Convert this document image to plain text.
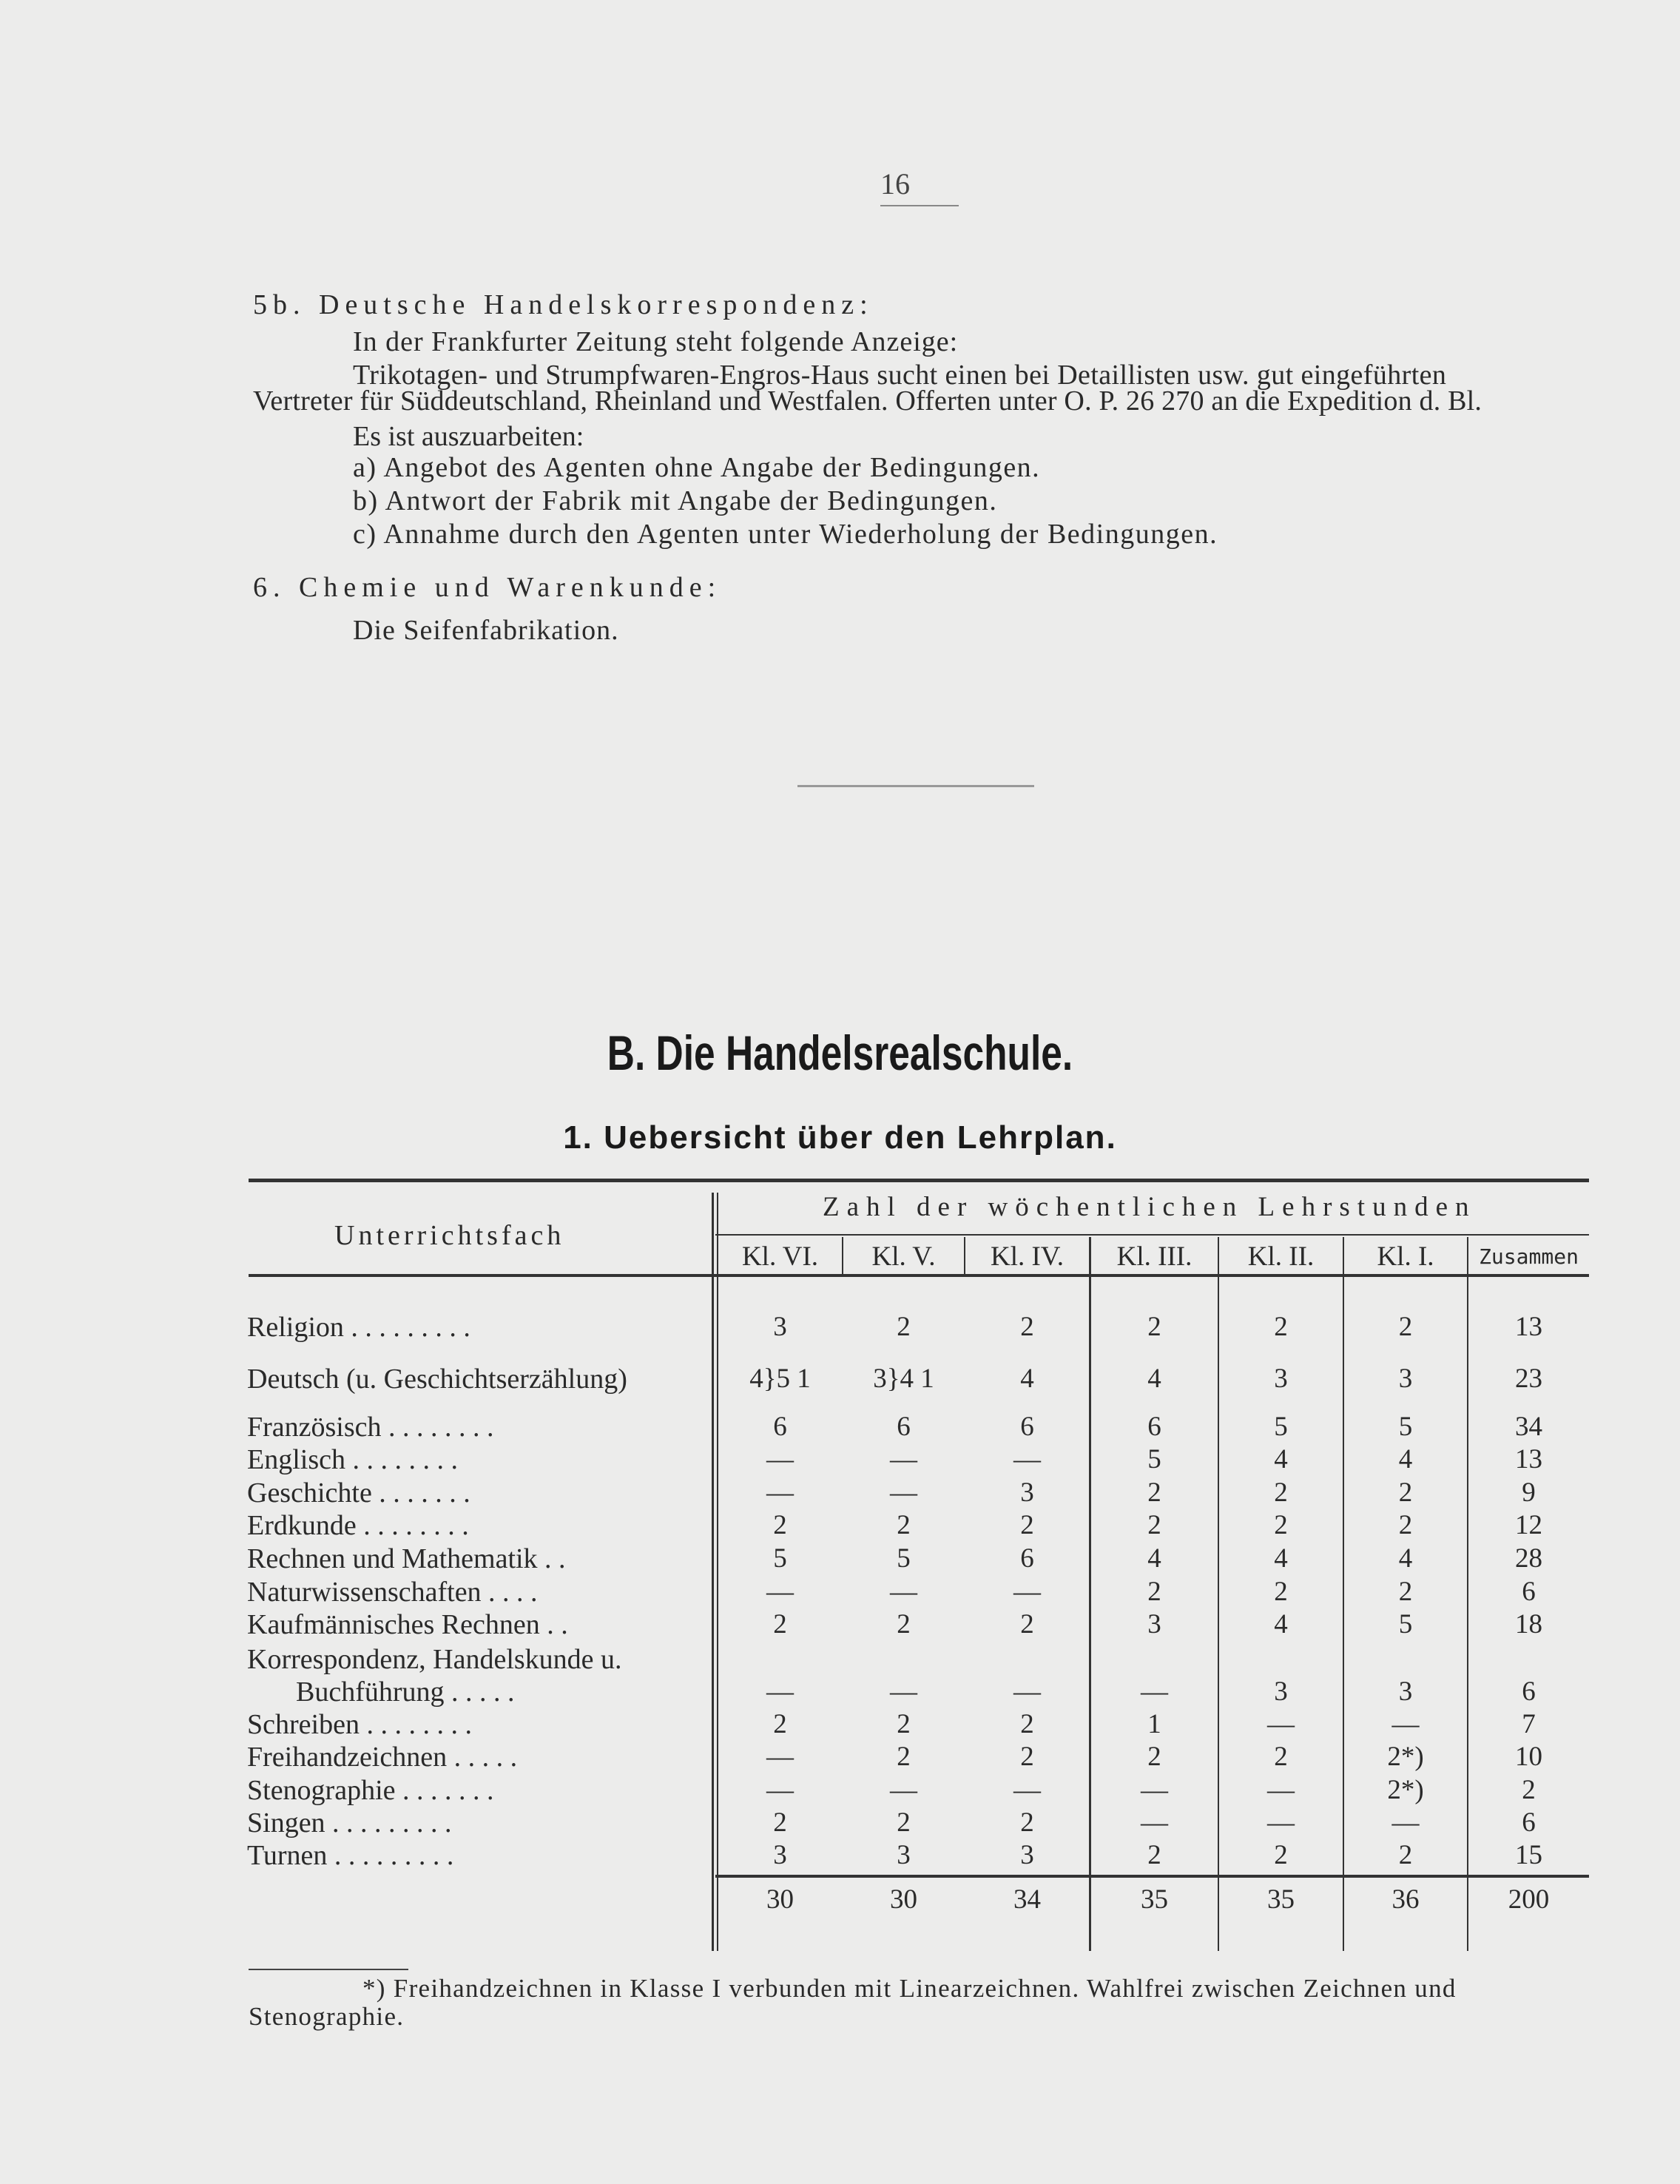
16
5b. Deutsche Handelskorrespondenz:
In der Frankfurter Zeitung steht folgende Anzeige:
Trikotagen- und Strumpfwaren-Engros-Haus sucht einen bei Detaillisten usw. gut eingeführten
Vertreter für Süddeutschland, Rheinland und Westfalen. Offerten unter O. P. 26 270 an die Expedition d. Bl.
Es ist auszuarbeiten:
a) Angebot des Agenten ohne Angabe der Bedingungen.
b) Antwort der Fabrik mit Angabe der Bedingungen.
c) Annahme durch den Agenten unter Wiederholung der Bedingungen.
6. Chemie und Warenkunde:
Die Seifenfabrikation.
B. Die Handelsrealschule.
1. Uebersicht über den Lehrplan.
Unterrichtsfach
Zahl der wöchentlichen Lehrstunden
Kl. VI.	Kl. V.	Kl. IV.	Kl. III.	Kl. II.	Kl. I.	Zusammen
Religion . . . . . . . . .	3	2	2	2	2	2	13
Deutsch (u. Geschichtserzählung)	4}5 1	3}4 1	4	4	3	3	23
Französisch . . . . . . . .	6	6	6	6	5	5	34
Englisch . . . . . . . .	—	—	—	5	4	4	13
Geschichte . . . . . . .	—	—	3	2	2	2	9
Erdkunde . . . . . . . .	2	2	2	2	2	2	12
Rechnen und Mathematik . .	5	5	6	4	4	4	28
Naturwissenschaften . . . .	—	—	—	2	2	2	6
Kaufmännisches Rechnen . .	2	2	2	3	4	5	18
Korrespondenz, Handelskunde u.
Buchführung . . . . .	—	—	—	—	3	3	6
Schreiben . . . . . . . .	2	2	2	1	—	—	7
Freihandzeichnen . . . . .	—	2	2	2	2	2*)	10
Stenographie . . . . . . .	—	—	—	—	—	2*)	2
Singen . . . . . . . . .	2	2	2	—	—	—	6
Turnen . . . . . . . . .	3	3	3	2	2	2	15
30	30	34	35	35	36	200
*) Freihandzeichnen in Klasse I verbunden mit Linearzeichnen. Wahlfrei zwischen Zeichnen und
Stenographie.
